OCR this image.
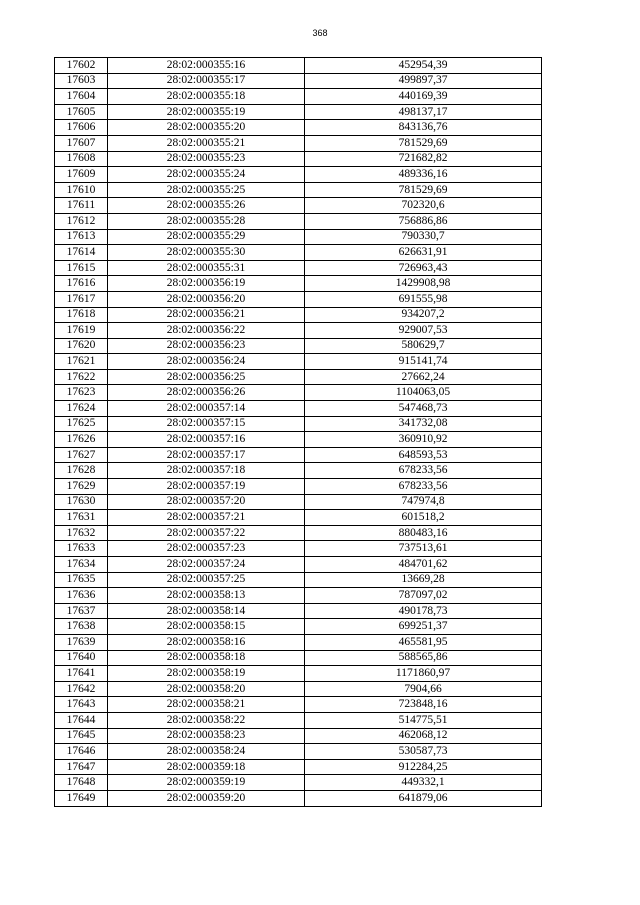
368
17602	28:02:000355:16	452954,39
17603	28:02:000355:17	499897,37
17604	28:02:000355:18	440169,39
17605	28:02:000355:19	498137,17
17606	28:02:000355:20	843136,76
17607	28:02:000355:21	781529,69
17608	28:02:000355:23	721682,82
17609	28:02:000355:24	489336,16
17610	28:02:000355:25	781529,69
17611	28:02:000355:26	702320,6
17612	28:02:000355:28	756886,86
17613	28:02:000355:29	790330,7
17614	28:02:000355:30	626631,91
17615	28:02:000355:31	726963,43
17616	28:02:000356:19	1429908,98
17617	28:02:000356:20	691555,98
17618	28:02:000356:21	934207,2
17619	28:02:000356:22	929007,53
17620	28:02:000356:23	580629,7
17621	28:02:000356:24	915141,74
17622	28:02:000356:25	27662,24
17623	28:02:000356:26	1104063,05
17624	28:02:000357:14	547468,73
17625	28:02:000357:15	341732,08
17626	28:02:000357:16	360910,92
17627	28:02:000357:17	648593,53
17628	28:02:000357:18	678233,56
17629	28:02:000357:19	678233,56
17630	28:02:000357:20	747974,8
17631	28:02:000357:21	601518,2
17632	28:02:000357:22	880483,16
17633	28:02:000357:23	737513,61
17634	28:02:000357:24	484701,62
17635	28:02:000357:25	13669,28
17636	28:02:000358:13	787097,02
17637	28:02:000358:14	490178,73
17638	28:02:000358:15	699251,37
17639	28:02:000358:16	465581,95
17640	28:02:000358:18	588565,86
17641	28:02:000358:19	1171860,97
17642	28:02:000358:20	7904,66
17643	28:02:000358:21	723848,16
17644	28:02:000358:22	514775,51
17645	28:02:000358:23	462068,12
17646	28:02:000358:24	530587,73
17647	28:02:000359:18	912284,25
17648	28:02:000359:19	449332,1
17649	28:02:000359:20	641879,06
